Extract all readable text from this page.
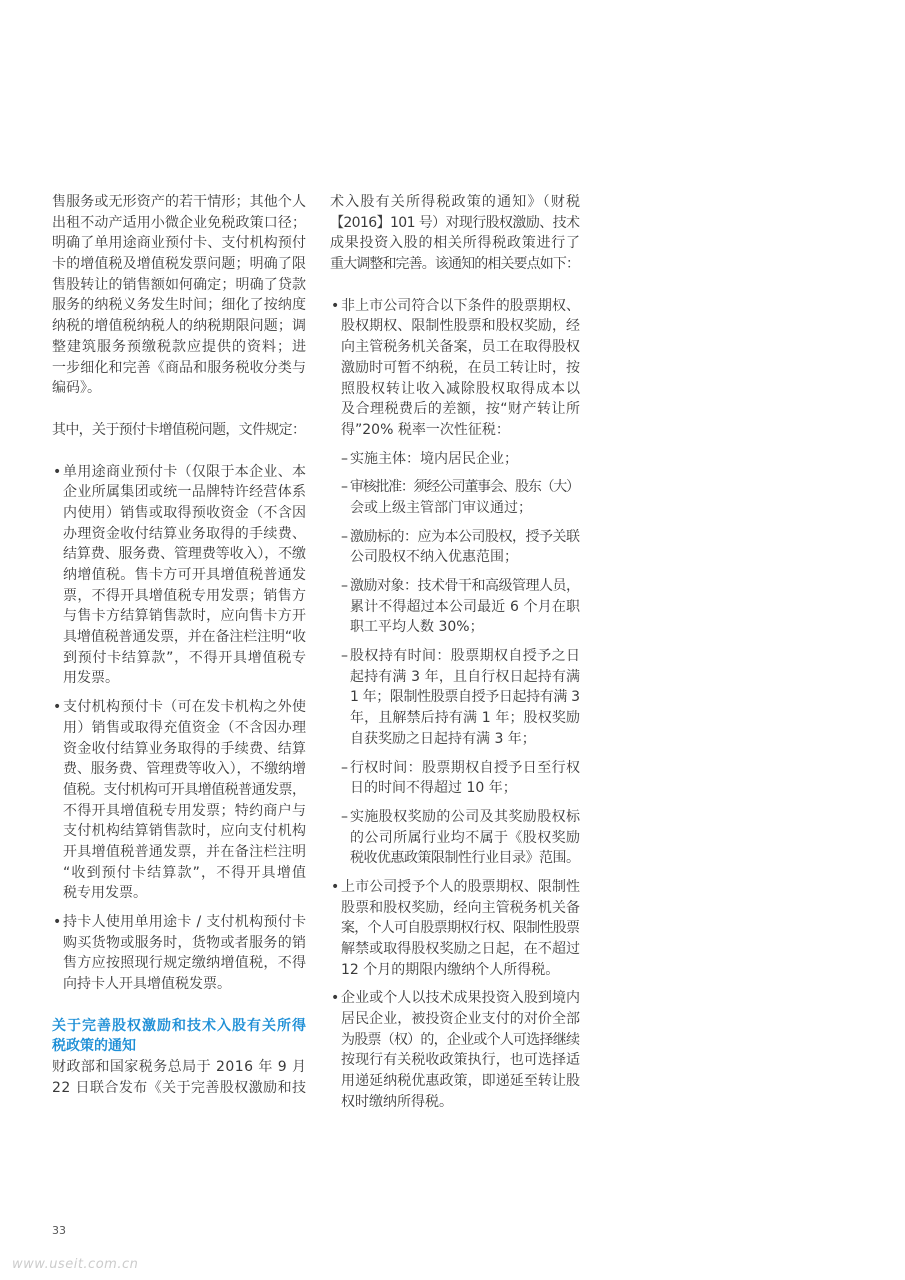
售服务或无形资产的若干情形；其他个人
出租不动产适用小微企业免税政策口径；
明确了单用途商业预付卡、支付机构预付
卡的增值税及增值税发票问题；明确了限
售股转让的销售额如何确定；明确了贷款
服务的纳税义务发生时间；细化了按纳度
纳税的增值税纳税人的纳税期限问题；调
整建筑服务预缴税款应提供的资料；进
一步细化和完善《商品和服务税收分类与
编码》。
其中，关于预付卡增值税问题，文件规定：
• 单用途商业预付卡（仅限于本企业、本
企业所属集团或统一品牌特许经营体系
内使用）销售或取得预收资金（不含因
办理资金收付结算业务取得的手续费、
结算费、服务费、管理费等收入），不缴
纳增值税。售卡方可开具增值税普通发
票，不得开具增值税专用发票；销售方
与售卡方结算销售款时，应向售卡方开
具增值税普通发票，并在备注栏注明“收
到预付卡结算款”，不得开具增值税专
用发票。
• 支付机构预付卡（可在发卡机构之外使
用）销售或取得充值资金（不含因办理
资金收付结算业务取得的手续费、结算
费、服务费、管理费等收入），不缴纳增
值税。支付机构可开具增值税普通发票，
不得开具增值税专用发票；特约商户与
支付机构结算销售款时，应向支付机构
开具增值税普通发票，并在备注栏注明
“收到预付卡结算款”，不得开具增值
税专用发票。
• 持卡人使用单用途卡 / 支付机构预付卡
购买货物或服务时，货物或者服务的销
售方应按照现行规定缴纳增值税，不得
向持卡人开具增值税发票。
关于完善股权激励和技术入股有关所得
税政策的通知
财政部和国家税务总局于 2016 年 9 月
22 日联合发布《关于完善股权激励和技
术入股有关所得税政策的通知》（财税
【2016】101 号）对现行股权激励、技术
成果投资入股的相关所得税政策进行了
重大调整和完善。该通知的相关要点如下：
• 非上市公司符合以下条件的股票期权、
股权期权、限制性股票和股权奖励，经
向主管税务机关备案，员工在取得股权
激励时可暂不纳税，在员工转让时，按
照股权转让收入减除股权取得成本以
及合理税费后的差额，按“财产转让所
得”20% 税率一次性征税：
– 实施主体：境内居民企业；
– 审核批准：须经公司董事会、股东（大）
会或上级主管部门审议通过；
– 激励标的：应为本公司股权，授予关联
公司股权不纳入优惠范围；
– 激励对象：技术骨干和高级管理人员，
累计不得超过本公司最近 6 个月在职
职工平均人数 30%；
– 股权持有时间：股票期权自授予之日
起持有满 3 年，且自行权日起持有满
1 年；限制性股票自授予日起持有满 3
年，且解禁后持有满 1 年；股权奖励
自获奖励之日起持有满 3 年；
– 行权时间：股票期权自授予日至行权
日的时间不得超过 10 年；
– 实施股权奖励的公司及其奖励股权标
的公司所属行业均不属于《股权奖励
税收优惠政策限制性行业目录》范围。
• 上市公司授予个人的股票期权、限制性
股票和股权奖励，经向主管税务机关备
案，个人可自股票期权行权、限制性股票
解禁或取得股权奖励之日起，在不超过
12 个月的期限内缴纳个人所得税。
• 企业或个人以技术成果投资入股到境内
居民企业，被投资企业支付的对价全部
为股票（权）的，企业或个人可选择继续
按现行有关税收政策执行，也可选择适
用递延纳税优惠政策，即递延至转让股
权时缴纳所得税。
33
www.useit.com.cn
